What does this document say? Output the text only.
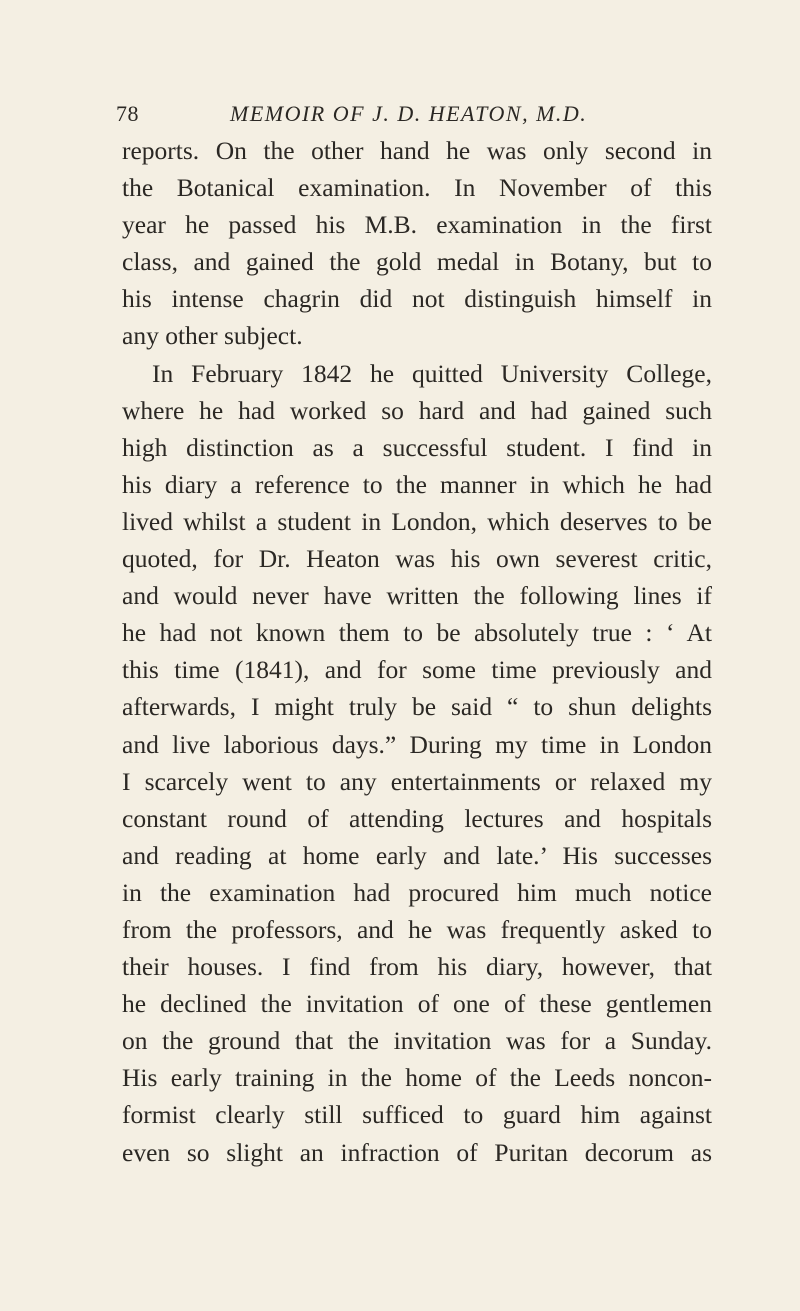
78	MEMOIR OF J. D. HEATON, M.D.
reports. On the other hand he was only second in
the Botanical examination. In November of this
year he passed his M.B. examination in the first
class, and gained the gold medal in Botany, but to
his intense chagrin did not distinguish himself in
any other subject.
In February 1842 he quitted University College,
where he had worked so hard and had gained such
high distinction as a successful student. I find in
his diary a reference to the manner in which he had
lived whilst a student in London, which deserves to be
quoted, for Dr. Heaton was his own severest critic,
and would never have written the following lines if
he had not known them to be absolutely true : ‘ At
this time (1841), and for some time previously and
afterwards, I might truly be said “ to shun delights
and live laborious days.” During my time in London
I scarcely went to any entertainments or relaxed my
constant round of attending lectures and hospitals
and reading at home early and late.’ His successes
in the examination had procured him much notice
from the professors, and he was frequently asked to
their houses. I find from his diary, however, that
he declined the invitation of one of these gentlemen
on the ground that the invitation was for a Sunday.
His early training in the home of the Leeds noncon-
formist clearly still sufficed to guard him against
even so slight an infraction of Puritan decorum as
